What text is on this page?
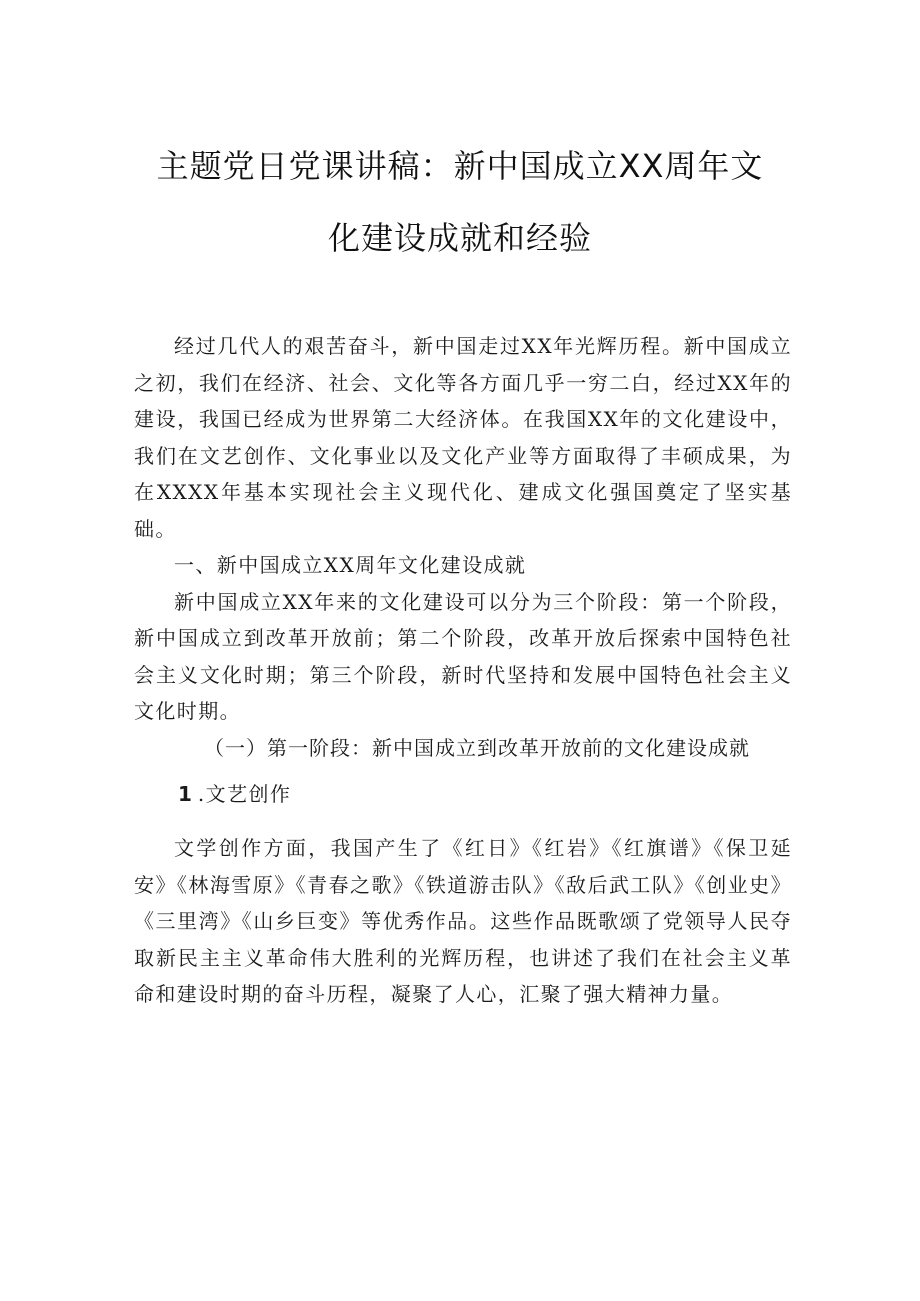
主题党日党课讲稿：新中国成立XX周年文
化建设成就和经验

经过几代人的艰苦奋斗，新中国走过XX年光辉历程。新中国成立之初，我们在经济、社会、文化等各方面几乎一穷二白，经过XX年的建设，我国已经成为世界第二大经济体。在我国XX年的文化建设中，我们在文艺创作、文化事业以及文化产业等方面取得了丰硕成果，为在XXXX年基本实现社会主义现代化、建成文化强国奠定了坚实基础。

一、新中国成立XX周年文化建设成就

新中国成立XX年来的文化建设可以分为三个阶段：第一个阶段，新中国成立到改革开放前；第二个阶段，改革开放后探索中国特色社会主义文化时期；第三个阶段，新时代坚持和发展中国特色社会主义文化时期。

（一）第一阶段：新中国成立到改革开放前的文化建设成就

1.文艺创作

文学创作方面，我国产生了《红日》《红岩》《红旗谱》《保卫延安》《林海雪原》《青春之歌》《铁道游击队》《敌后武工队》《创业史》《三里湾》《山乡巨变》等优秀作品。这些作品既歌颂了党领导人民夺取新民主主义革命伟大胜利的光辉历程，也讲述了我们在社会主义革命和建设时期的奋斗历程，凝聚了人心，汇聚了强大精神力量。
